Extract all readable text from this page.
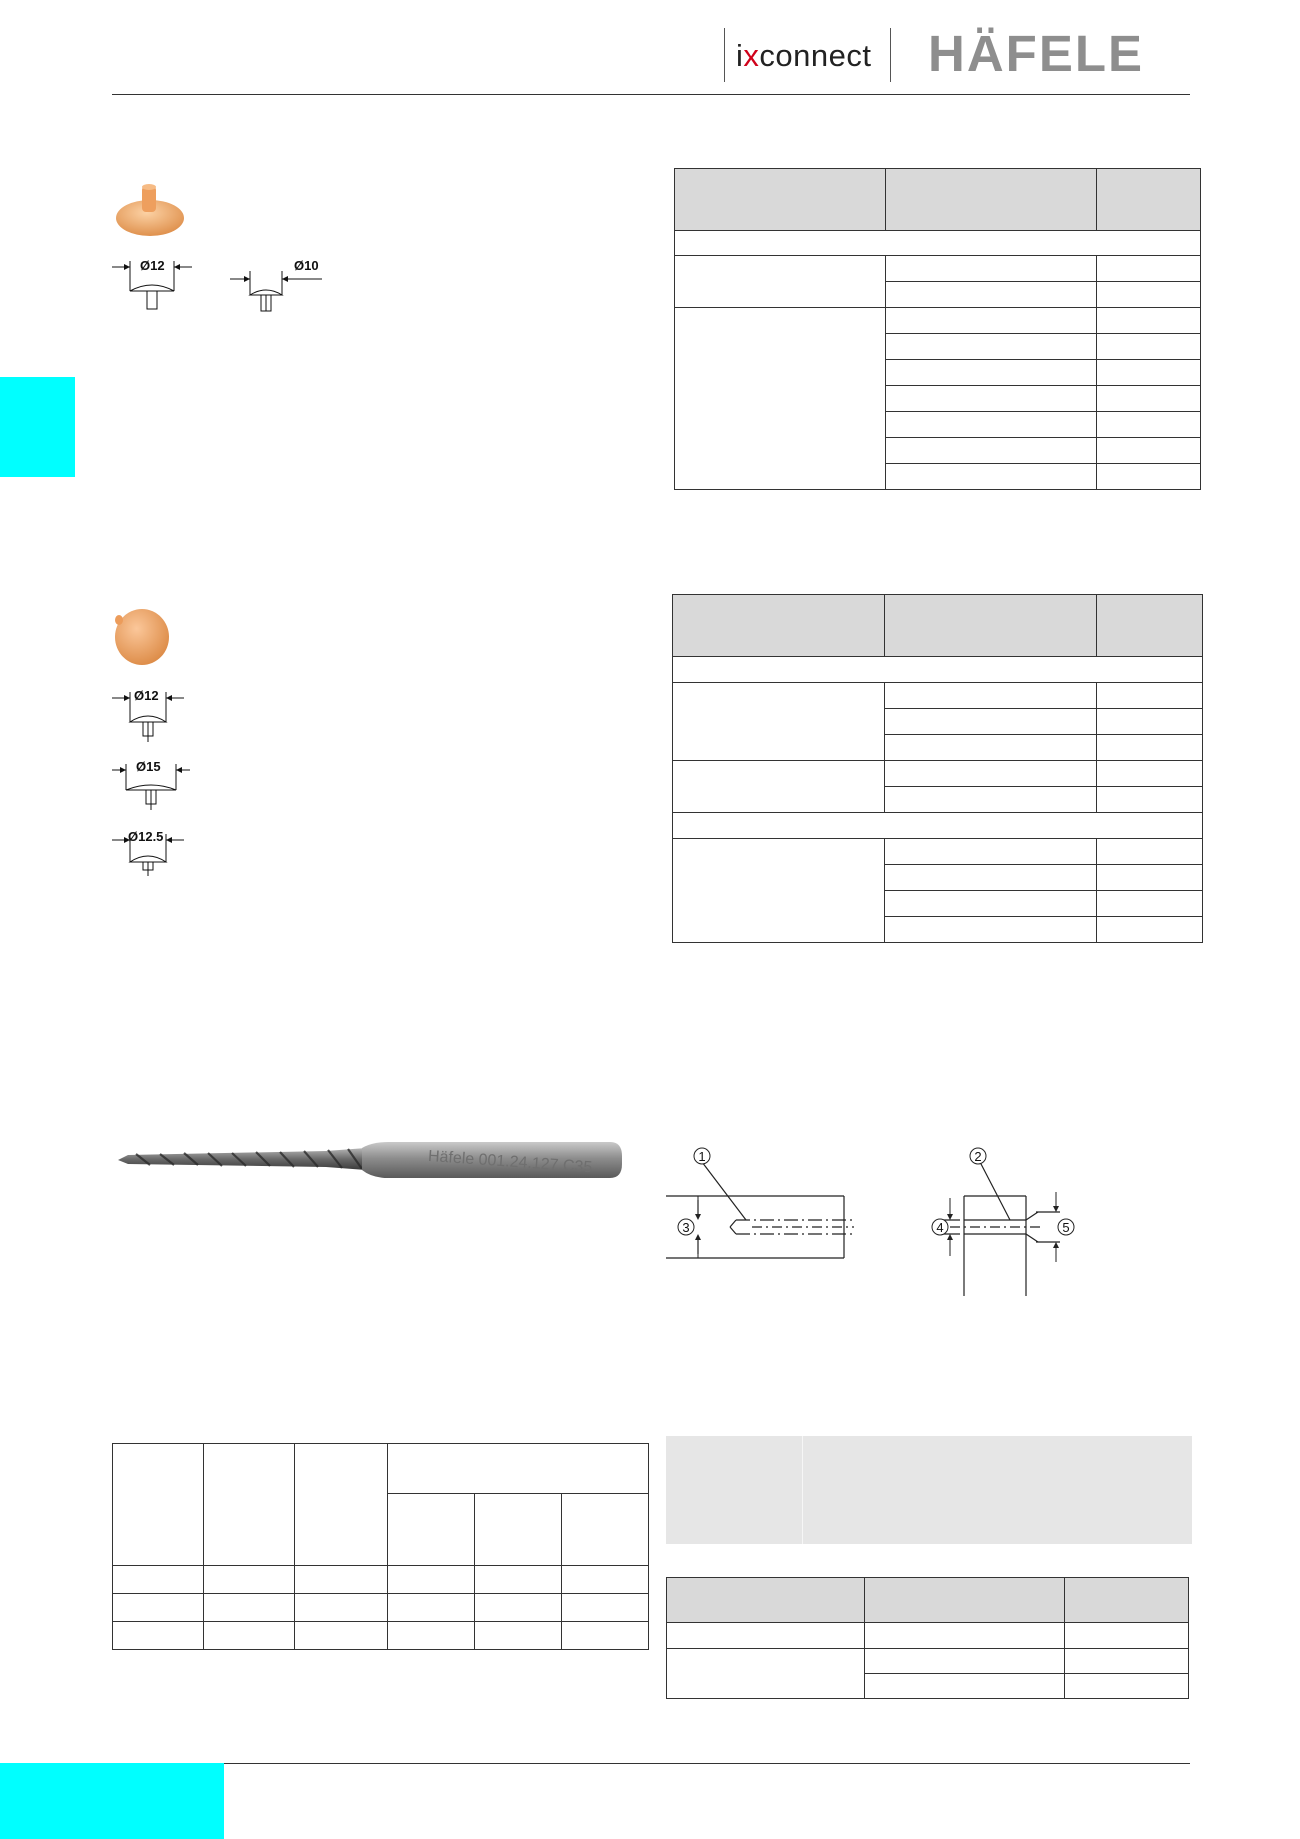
ixconnect HÄFELE
Ø12	Ø10

Ø12
Ø15
Ø12.5

Häfele 001.24.127 C35	1	2
3	4	5
